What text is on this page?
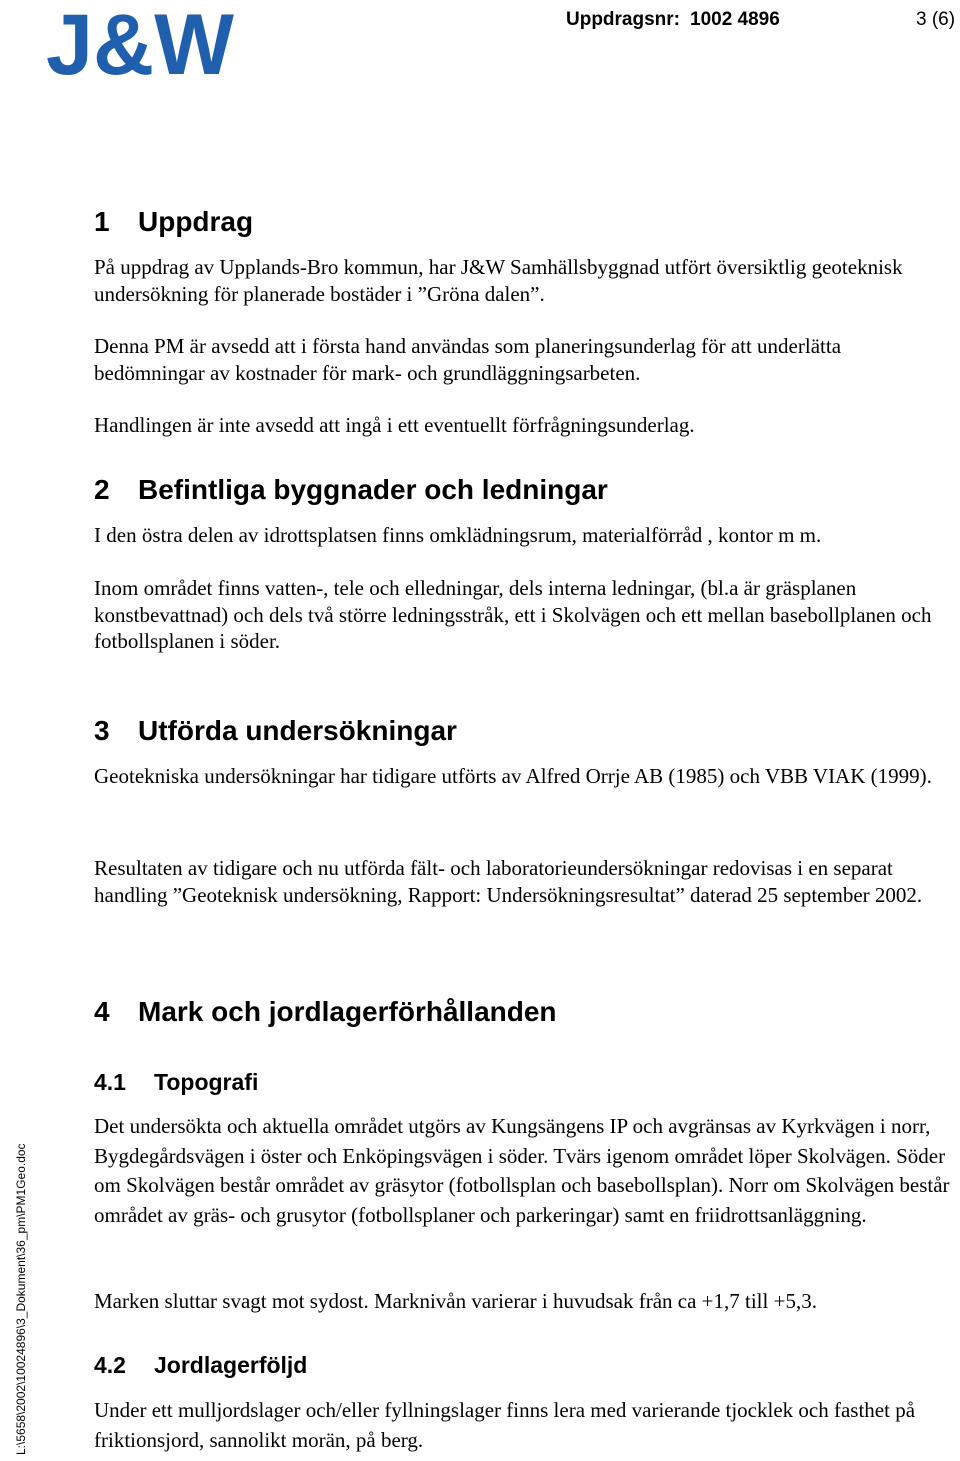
J&W	Uppdragsnr: 1002 4896	3 (6)
L:\5658\2002\10024896\3_Dokument\36_pm\PM1Geo.doc
1 Uppdrag

På uppdrag av Upplands-Bro kommun, har J&W Samhällsbyggnad utfört översiktlig geoteknisk undersökning för planerade bostäder i ”Gröna dalen”.

Denna PM är avsedd att i första hand användas som planeringsunderlag för att underlätta bedömningar av kostnader för mark- och grundläggningsarbeten.

Handlingen är inte avsedd att ingå i ett eventuellt förfrågningsunderlag.

2 Befintliga byggnader och ledningar

I den östra delen av idrottsplatsen finns omklädningsrum, materialförråd , kontor m m.

Inom området finns vatten-, tele och elledningar, dels interna ledningar, (bl.a är gräsplanen konstbevattnad) och dels två större ledningsstråk, ett i Skolvägen och ett mellan basebollplanen och fotbollsplanen i söder.

3 Utförda undersökningar

Geotekniska undersökningar har tidigare utförts av Alfred Orrje AB (1985) och VBB VIAK (1999).

Resultaten av tidigare och nu utförda fält- och laboratorieundersökningar redovisas i en separat handling ”Geoteknisk undersökning, Rapport: Undersökningsresultat” daterad 25 september 2002.

4 Mark och jordlagerförhållanden
4.1 Topografi

Det undersökta och aktuella området utgörs av Kungsängens IP och avgränsas av Kyrkvägen i norr, Bygdegårdsvägen i öster och Enköpingsvägen i söder. Tvärs igenom området löper Skolvägen. Söder om Skolvägen består området av gräsytor (fotbollsplan och basebollsplan). Norr om Skolvägen består området av gräs- och grusytor (fotbollsplaner och parkeringar) samt en friidrottsanläggning.

Marken sluttar svagt mot sydost. Marknivån varierar i huvudsak från ca +1,7 till +5,3.

4.2 Jordlagerföljd

Under ett mulljordslager och/eller fyllningslager finns lera med varierande tjocklek och fasthet på friktionsjord, sannolikt morän, på berg.
